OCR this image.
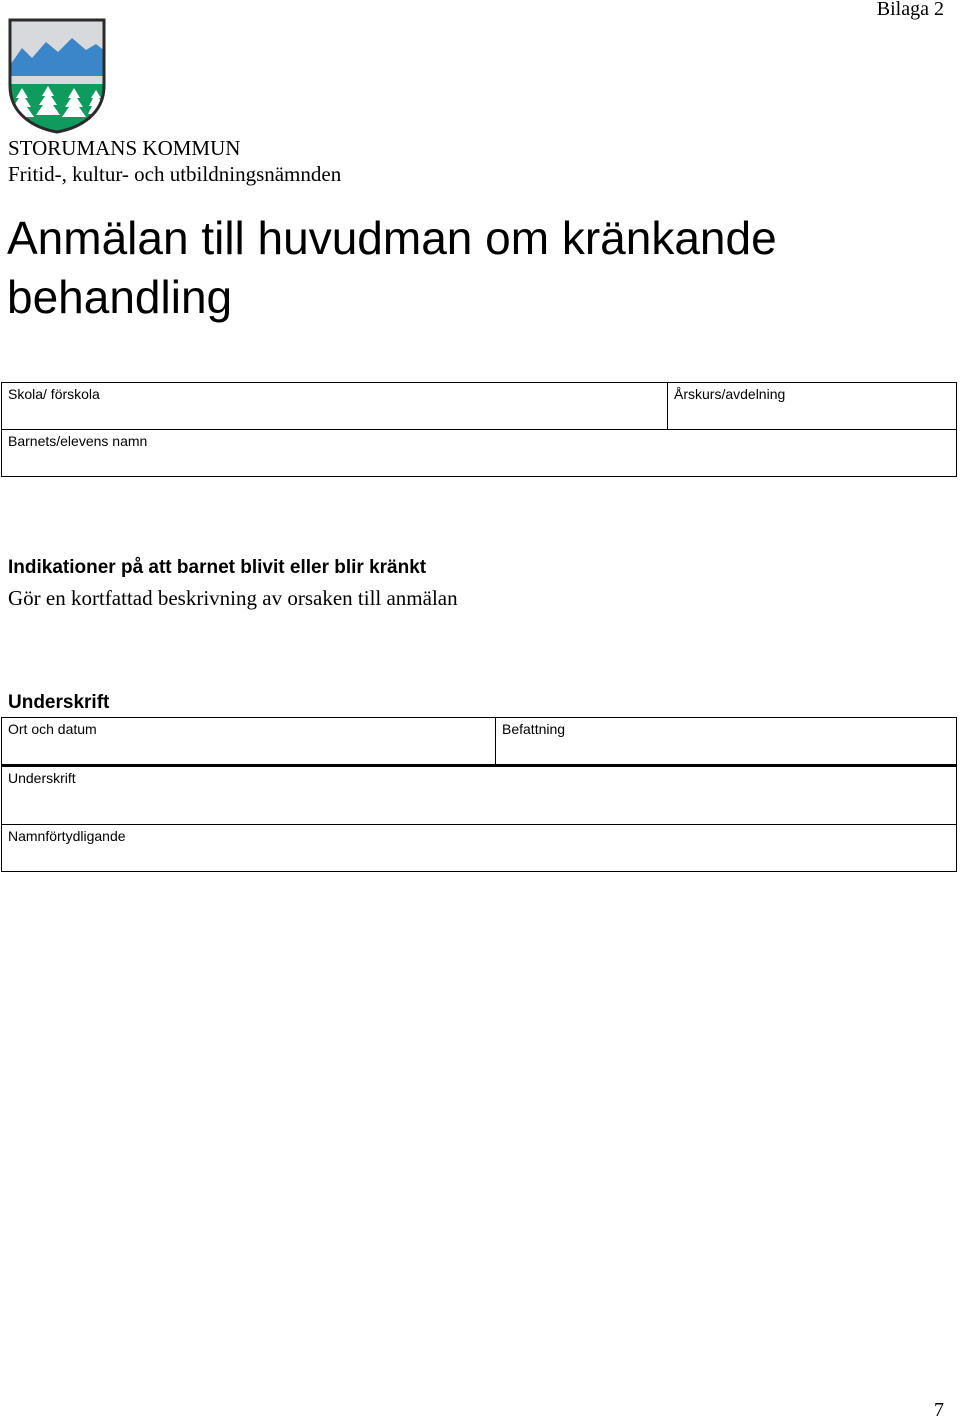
Bilaga 2
STORUMANS KOMMUN
Fritid-, kultur- och utbildningsnämnden
Anmälan till huvudman om kränkande behandling
Skola/ förskola	Årskurs/avdelning
Barnets/elevens namn
Indikationer på att barnet blivit eller blir kränkt
Gör en kortfattad beskrivning av orsaken till anmälan
Underskrift
Ort och datum	Befattning
Underskrift
Namnförtydligande
7
